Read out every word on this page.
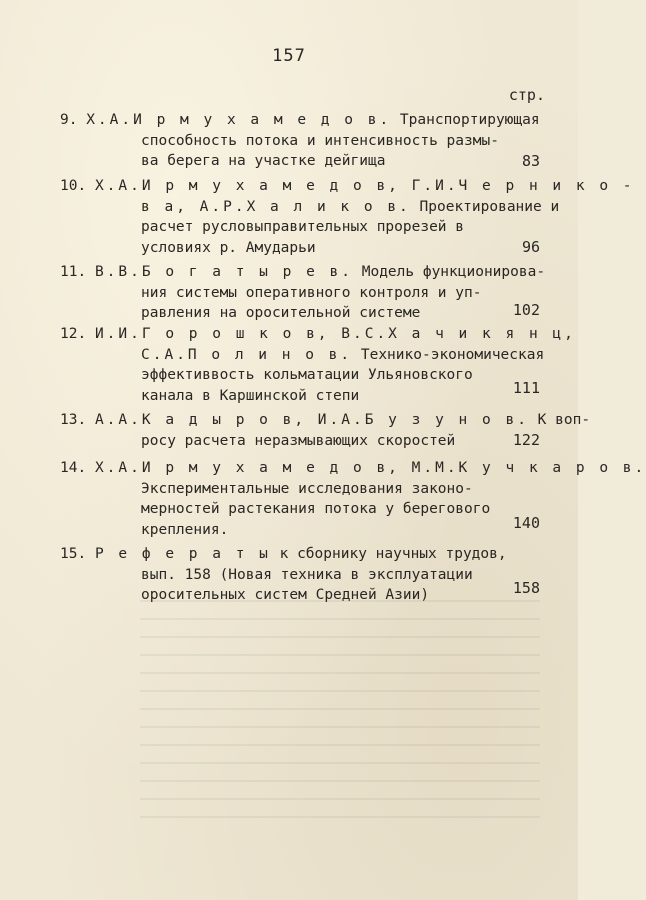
157
стр.
9. Х.А.И р м у х а м е д о в. Транспортирующая
способность потока и интенсивность размы-
ва берега на участке дейгища	83
10. Х.А.И р м у х а м е д о в, Г.И.Ч е р н и к о -
в а, А.Р.Х а л и к о в. Проектирование и
расчет русловыправительных прорезей в
условиях р. Амударьи	96
11. В.В.Б о г а т ы р е в. Модель функционирова-
ния системы оперативного контроля и уп-
равления на оросительной системе	102
12. И.И.Г о р о ш к о в, В.С.Х а ч и к я н ц,
С.А.П о л и н о в. Технико-экономическая
эффективвость кольматации Ульяновского
канала в Каршинской степи	111
13. А.А.К а д ы р о в, И.А.Б у з у н о в. К воп-
росу расчета неразмывающих скоростей	122
14. Х.А.И р м у х а м е д о в, М.М.К у ч к а р о в.
Экспериментальные исследования законо-
мерностей растекания потока у берегового
крепления.	140
15. Р е ф е р а т ы к сборнику научных трудов,
вып. 158 (Новая техника в эксплуатации
оросительных систем Средней Азии)	158
